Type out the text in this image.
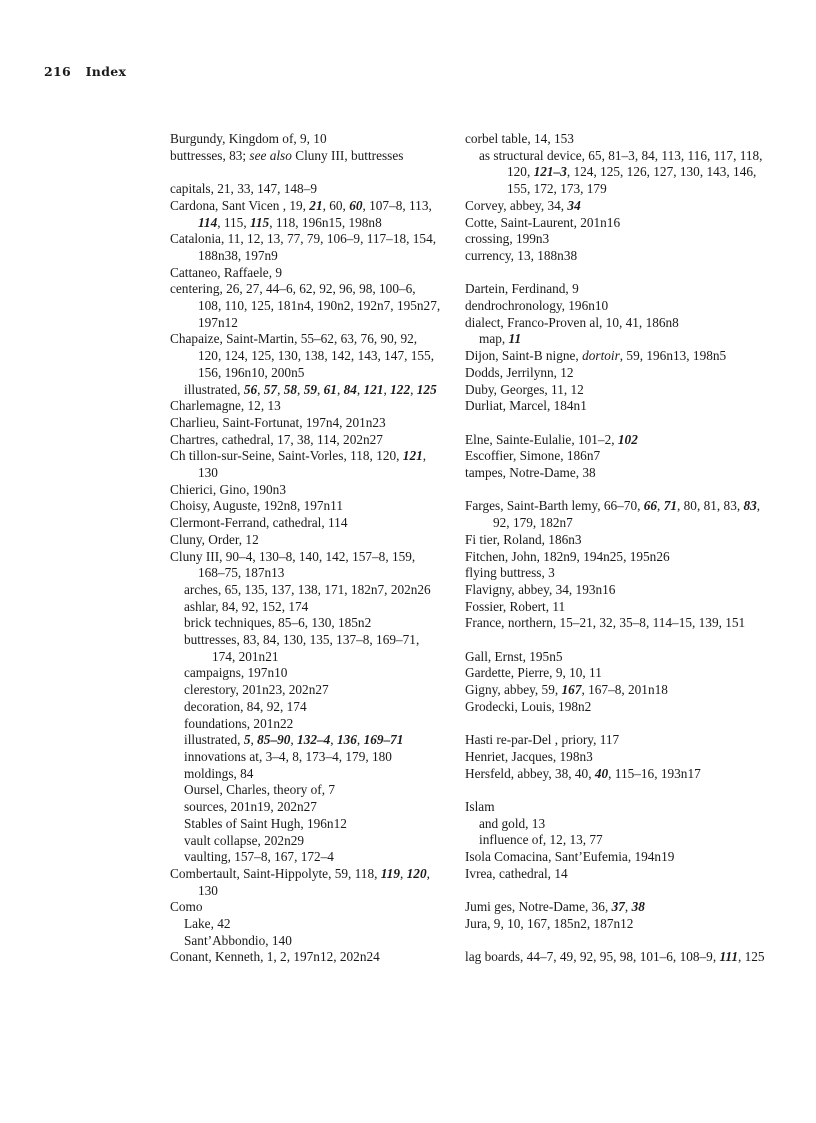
216 Index
Burgundy, Kingdom of, 9, 10
buttresses, 83; see also Cluny III, buttresses
capitals, 21, 33, 147, 148–9
Cardona, Sant Vicen , 19, 21, 60, 60, 107–8, 113, 114, 115, 115, 118, 196n15, 198n8
Catalonia, 11, 12, 13, 77, 79, 106–9, 117–18, 154, 188n38, 197n9
Cattaneo, Raffaele, 9
centering, 26, 27, 44–6, 62, 92, 96, 98, 100–6, 108, 110, 125, 181n4, 190n2, 192n7, 195n27, 197n12
Chapaize, Saint-Martin, 55–62, 63, 76, 90, 92, 120, 124, 125, 130, 138, 142, 143, 147, 155, 156, 196n10, 200n5
illustrated, 56, 57, 58, 59, 61, 84, 121, 122, 125
Charlemagne, 12, 13
Charlieu, Saint-Fortunat, 197n4, 201n23
Chartres, cathedral, 17, 38, 114, 202n27
Ch tillon-sur-Seine, Saint-Vorles, 118, 120, 121, 130
Chierici, Gino, 190n3
Choisy, Auguste, 192n8, 197n11
Clermont-Ferrand, cathedral, 114
Cluny, Order, 12
Cluny III, 90–4, 130–8, 140, 142, 157–8, 159, 168–75, 187n13
arches, 65, 135, 137, 138, 171, 182n7, 202n26
ashlar, 84, 92, 152, 174
brick techniques, 85–6, 130, 185n2
buttresses, 83, 84, 130, 135, 137–8, 169–71, 174, 201n21
campaigns, 197n10
clerestory, 201n23, 202n27
decoration, 84, 92, 174
foundations, 201n22
illustrated, 5, 85–90, 132–4, 136, 169–71
innovations at, 3–4, 8, 173–4, 179, 180
moldings, 84
Oursel, Charles, theory of, 7
sources, 201n19, 202n27
Stables of Saint Hugh, 196n12
vault collapse, 202n29
vaulting, 157–8, 167, 172–4
Combertault, Saint-Hippolyte, 59, 118, 119, 120, 130
Como
Lake, 42
Sant’Abbondio, 140
Conant, Kenneth, 1, 2, 197n12, 202n24
corbel table, 14, 153
as structural device, 65, 81–3, 84, 113, 116, 117, 118, 120, 121–3, 124, 125, 126, 127, 130, 143, 146, 155, 172, 173, 179
Corvey, abbey, 34, 34
Cotte, Saint-Laurent, 201n16
crossing, 199n3
currency, 13, 188n38
Dartein, Ferdinand, 9
dendrochronology, 196n10
dialect, Franco-Proven al, 10, 41, 186n8
map, 11
Dijon, Saint-B nigne, dortoir, 59, 196n13, 198n5
Dodds, Jerrilynn, 12
Duby, Georges, 11, 12
Durliat, Marcel, 184n1
Elne, Sainte-Eulalie, 101–2, 102
Escoffier, Simone, 186n7
tampes, Notre-Dame, 38
Farges, Saint-Barth lemy, 66–70, 66, 71, 80, 81, 83, 83, 92, 179, 182n7
Fi tier, Roland, 186n3
Fitchen, John, 182n9, 194n25, 195n26
flying buttress, 3
Flavigny, abbey, 34, 193n16
Fossier, Robert, 11
France, northern, 15–21, 32, 35–8, 114–15, 139, 151
Gall, Ernst, 195n5
Gardette, Pierre, 9, 10, 11
Gigny, abbey, 59, 167, 167–8, 201n18
Grodecki, Louis, 198n2
Hasti re-par-Del , priory, 117
Henriet, Jacques, 198n3
Hersfeld, abbey, 38, 40, 40, 115–16, 193n17
Islam
and gold, 13
influence of, 12, 13, 77
Isola Comacina, Sant’Eufemia, 194n19
Ivrea, cathedral, 14
Jumi ges, Notre-Dame, 36, 37, 38
Jura, 9, 10, 167, 185n2, 187n12
lag boards, 44–7, 49, 92, 95, 98, 101–6, 108–9, 111, 125
